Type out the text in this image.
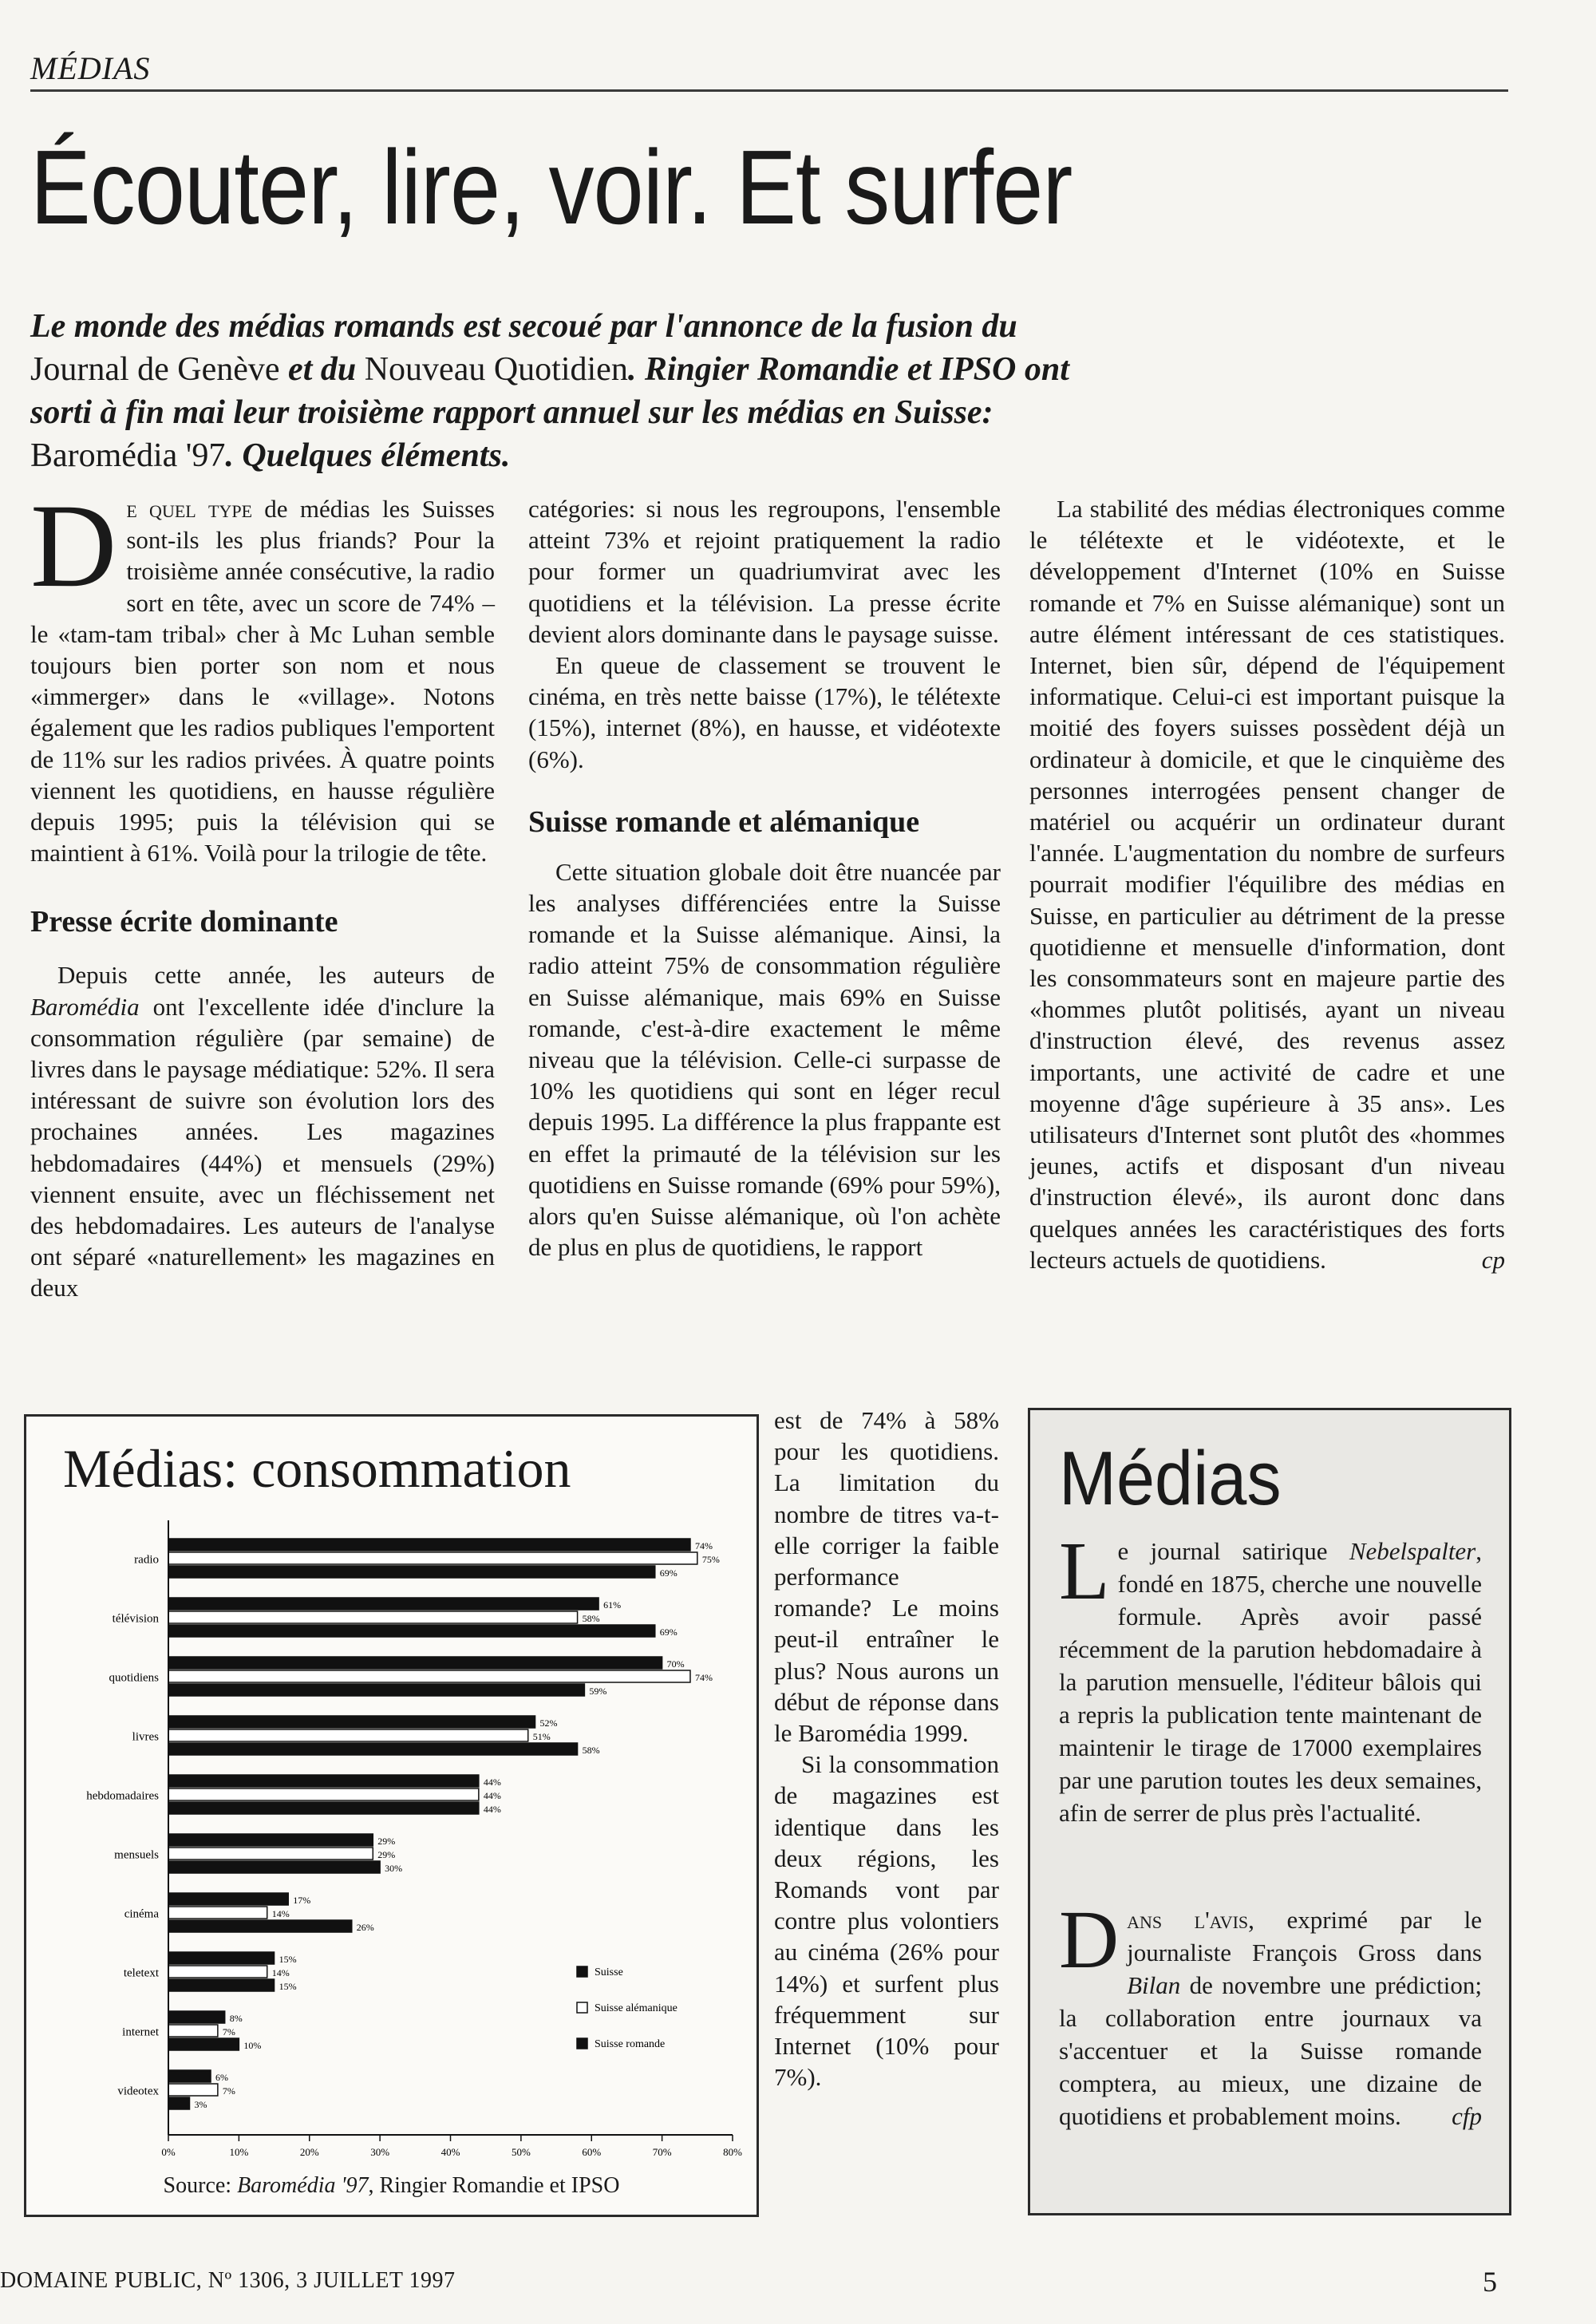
MÉDIAS
Écouter, lire, voir. Et surfer
Le monde des médias romands est secoué par l'annonce de la fusion du
Journal de Genève et du Nouveau Quotidien. Ringier Romandie et IPSO ont
sorti à fin mai leur troisième rapport annuel sur les médias en Suisse:
Baromédia '97. Quelques éléments.

De quel type de médias les Suisses sont-ils les plus friands? Pour la troisième année consécutive, la radio sort en tête, avec un score de 74% – le «tam-tam tribal» cher à Mc Luhan semble toujours bien porter son nom et nous «immerger» dans le «village». Notons également que les radios publiques l'emportent de 11% sur les radios privées. À quatre points viennent les quotidiens, en hausse régulière depuis 1995; puis la télévision qui se maintient à 61%. Voilà pour la trilogie de tête.

Presse écrite dominante

Depuis cette année, les auteurs de Baromédia ont l'excellente idée d'inclure la consommation régulière (par semaine) de livres dans le paysage médiatique: 52%. Il sera intéressant de suivre son évolution lors des prochaines années. Les magazines hebdomadaires (44%) et mensuels (29%) viennent ensuite, avec un fléchissement net des hebdomadaires. Les auteurs de l'analyse ont séparé «naturellement» les magazines en deux

catégories: si nous les regroupons, l'ensemble atteint 73% et rejoint pratiquement la radio pour former un quadriumvirat avec les quotidiens et la télévision. La presse écrite devient alors dominante dans le paysage suisse.

En queue de classement se trouvent le cinéma, en très nette baisse (17%), le télétexte (15%), internet (8%), en hausse, et vidéotexte (6%).

Suisse romande et alémanique

Cette situation globale doit être nuancée par les analyses différenciées entre la Suisse romande et la Suisse alémanique. Ainsi, la radio atteint 75% de consommation régulière en Suisse alémanique, mais 69% en Suisse romande, c'est-à-dire exactement le même niveau que la télévision. Celle-ci surpasse de 10% les quotidiens qui sont en léger recul depuis 1995. La différence la plus frappante est en effet la primauté de la télévision sur les quotidiens en Suisse romande (69% pour 59%), alors qu'en Suisse alémanique, où l'on achète de plus en plus de quotidiens, le rapport

est de 74% à 58% pour les quotidiens. La limitation du nombre de titres va-t-elle corriger la faible performance romande? Le moins peut-il entraîner le plus? Nous aurons un début de réponse dans le Baromédia 1999.

Si la consommation de magazines est identique dans les deux régions, les Romands vont par contre plus volontiers au cinéma (26% pour 14%) et surfent plus fréquemment sur Internet (10% pour 7%).

La stabilité des médias électroniques comme le télétexte et le vidéotexte, et le développement d'Internet (10% en Suisse romande et 7% en Suisse alémanique) sont un autre élément intéressant de ces statistiques. Internet, bien sûr, dépend de l'équipement informatique. Celui-ci est important puisque la moitié des foyers suisses possèdent déjà un ordinateur à domicile, et que le cinquième des personnes interrogées pensent changer de matériel ou acquérir un ordinateur durant l'année. L'augmentation du nombre de surfeurs pourrait modifier l'équilibre des médias en Suisse, en particulier au détriment de la presse quotidienne et mensuelle d'information, dont les consommateurs sont en majeure partie des «hommes plutôt politisés, ayant un niveau d'instruction élevé, des revenus assez importants, une activité de cadre et une moyenne d'âge supérieure à 35 ans». Les utilisateurs d'Internet sont plutôt des «hommes jeunes, actifs et disposant d'un niveau d'instruction élevé», ils auront donc dans quelques années les caractéristiques des forts lecteurs actuels de quotidiens.	cp

Médias: consommation
radio
74%
75%
69%
télévision
61%
58%
69%
quotidiens
70%
74%
59%
livres
52%
51%
58%
hebdomadaires
44%
44%
44%
mensuels
29%
29%
30%
cinéma
17%
14%
26%
teletext
15%
14%
15%
internet
8%
7%
10%
videotex
6%
7%
3%
0%	10%	20%	30%	40%	50%	60%	70%	80%
Suisse
Suisse alémanique
Suisse romande
Source: Baromédia '97, Ringier Romandie et IPSO
Médias

Le journal satirique Nebelspalter, fondé en 1875, cherche une nouvelle formule. Après avoir passé récemment de la parution hebdomadaire à la parution mensuelle, l'éditeur bâlois qui a repris la publication tente maintenant de maintenir le tirage de 17000 exemplaires par une parution toutes les deux semaines, afin de serrer de plus près l'actualité.

Dans l'avis, exprimé par le journaliste François Gross dans Bilan de novembre une prédiction; la collaboration entre journaux va s'accentuer et la Suisse romande comptera, au mieux, une dizaine de quotidiens et probablement moins. cfp

DOMAINE PUBLIC, Nº 1306, 3 JUILLET 1997	5
